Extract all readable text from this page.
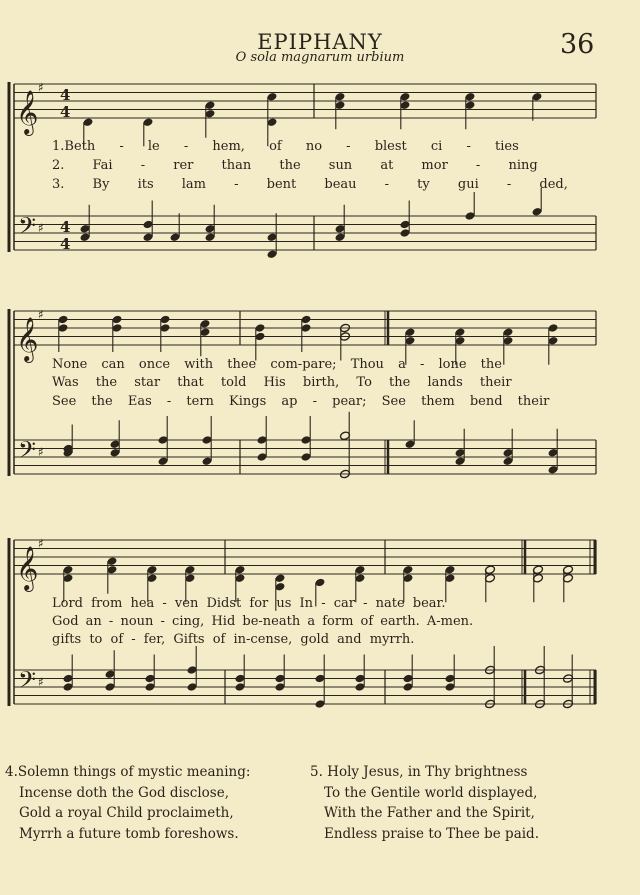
EPIPHANY
O sola magnarum urbium	36
♯
𝄞
♯
𝄢
4
4
4
4
♯
𝄞
♯
𝄢
♯
𝄞
♯
𝄢
1.Beth - le - hem, of no - blest ci - ties
2. Fai - rer than the sun at mor - ning
3. By its lam - bent beau - ty gui - ded,
None can once with thee com-pare; Thou a - lone the
Was the star that told His birth, To the lands their
See the Eas - tern Kings ap - pear; See them bend their
Lord from hea - ven Didst for us In - car - nate bear.
God an - noun - cing, Hid be-neath a form of earth. A-men.
gifts to of - fer, Gifts of in-cense, gold and myrrh.
4.Solemn things of mystic meaning:
Incense doth the God disclose,
Gold a royal Child proclaimeth,
Myrrh a future tomb foreshows.
5. Holy Jesus, in Thy brightness
To the Gentile world displayed,
With the Father and the Spirit,
Endless praise to Thee be paid.
